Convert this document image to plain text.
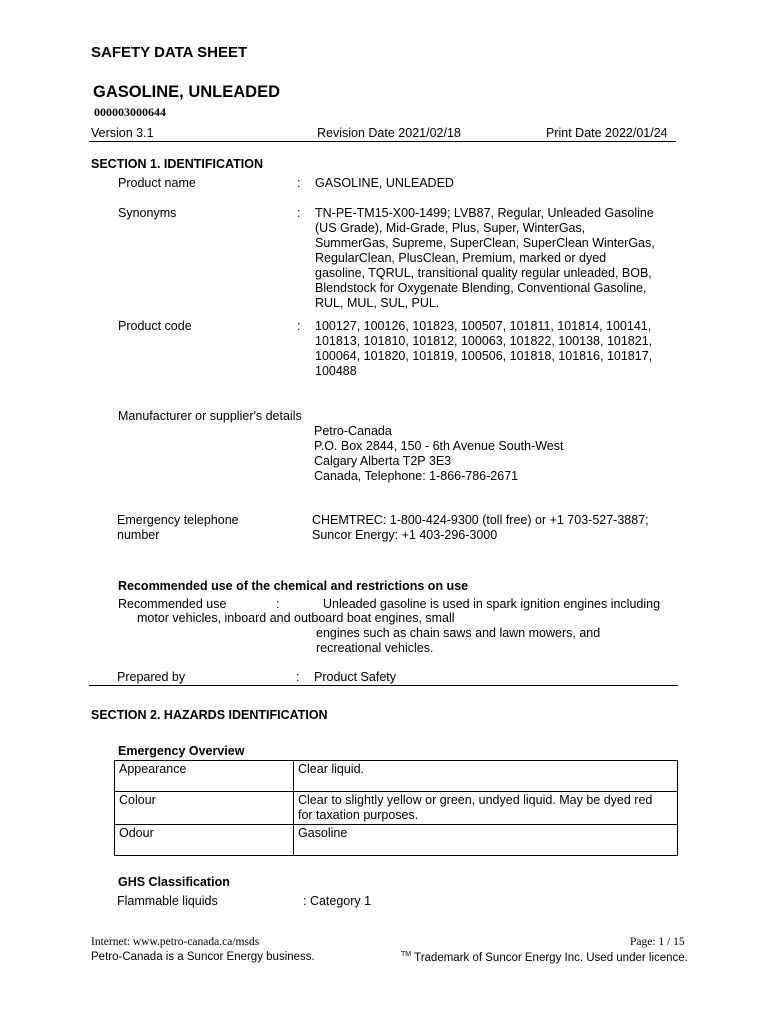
SAFETY DATA SHEET
GASOLINE, UNLEADED
000003000644
Version 3.1	Revision Date 2021/02/18	Print Date 2022/01/24
SECTION 1. IDENTIFICATION
Product name	: GASOLINE, UNLEADED
Synonyms	: TN-PE-TM15-X00-1499; LVB87, Regular, Unleaded Gasoline
(US Grade), Mid-Grade, Plus, Super, WinterGas,
SummerGas, Supreme, SuperClean, SuperClean WinterGas,
RegularClean, PlusClean, Premium, marked or dyed
gasoline, TQRUL, transitional quality regular unleaded, BOB,
Blendstock for Oxygenate Blending, Conventional Gasoline,
RUL, MUL, SUL, PUL.
Product code	: 100127, 100126, 101823, 100507, 101811, 101814, 100141,
101813, 101810, 101812, 100063, 101822, 100138, 101821,
100064, 101820, 101819, 100506, 101818, 101816, 101817,
100488
Manufacturer or supplier's details
Petro-Canada
P.O. Box 2844, 150 - 6th Avenue South-West
Calgary Alberta T2P 3E3
Canada, Telephone: 1-866-786-2671
Emergency telephone
number
CHEMTREC: 1-800-424-9300 (toll free) or +1 703-527-3887;
Suncor Energy: +1 403-296-3000
Recommended use of the chemical and restrictions on use
Recommended use	:	Unleaded gasoline is used in spark ignition engines including
motor vehicles, inboard and outboard boat engines, small
engines such as chain saws and lawn mowers, and
recreational vehicles.
Prepared by	: Product Safety
SECTION 2. HAZARDS IDENTIFICATION
Emergency Overview
Appearance	Clear liquid.

Colour	Clear to slightly yellow or green, undyed liquid. May be dyed red
for taxation purposes.

Odour	Gasoline
GHS Classification
Flammable liquids	: Category 1
Internet: www.petro-canada.ca/msds	Page: 1 / 15
Petro-Canada is a Suncor Energy business.	™ Trademark of Suncor Energy Inc. Used under licence.
